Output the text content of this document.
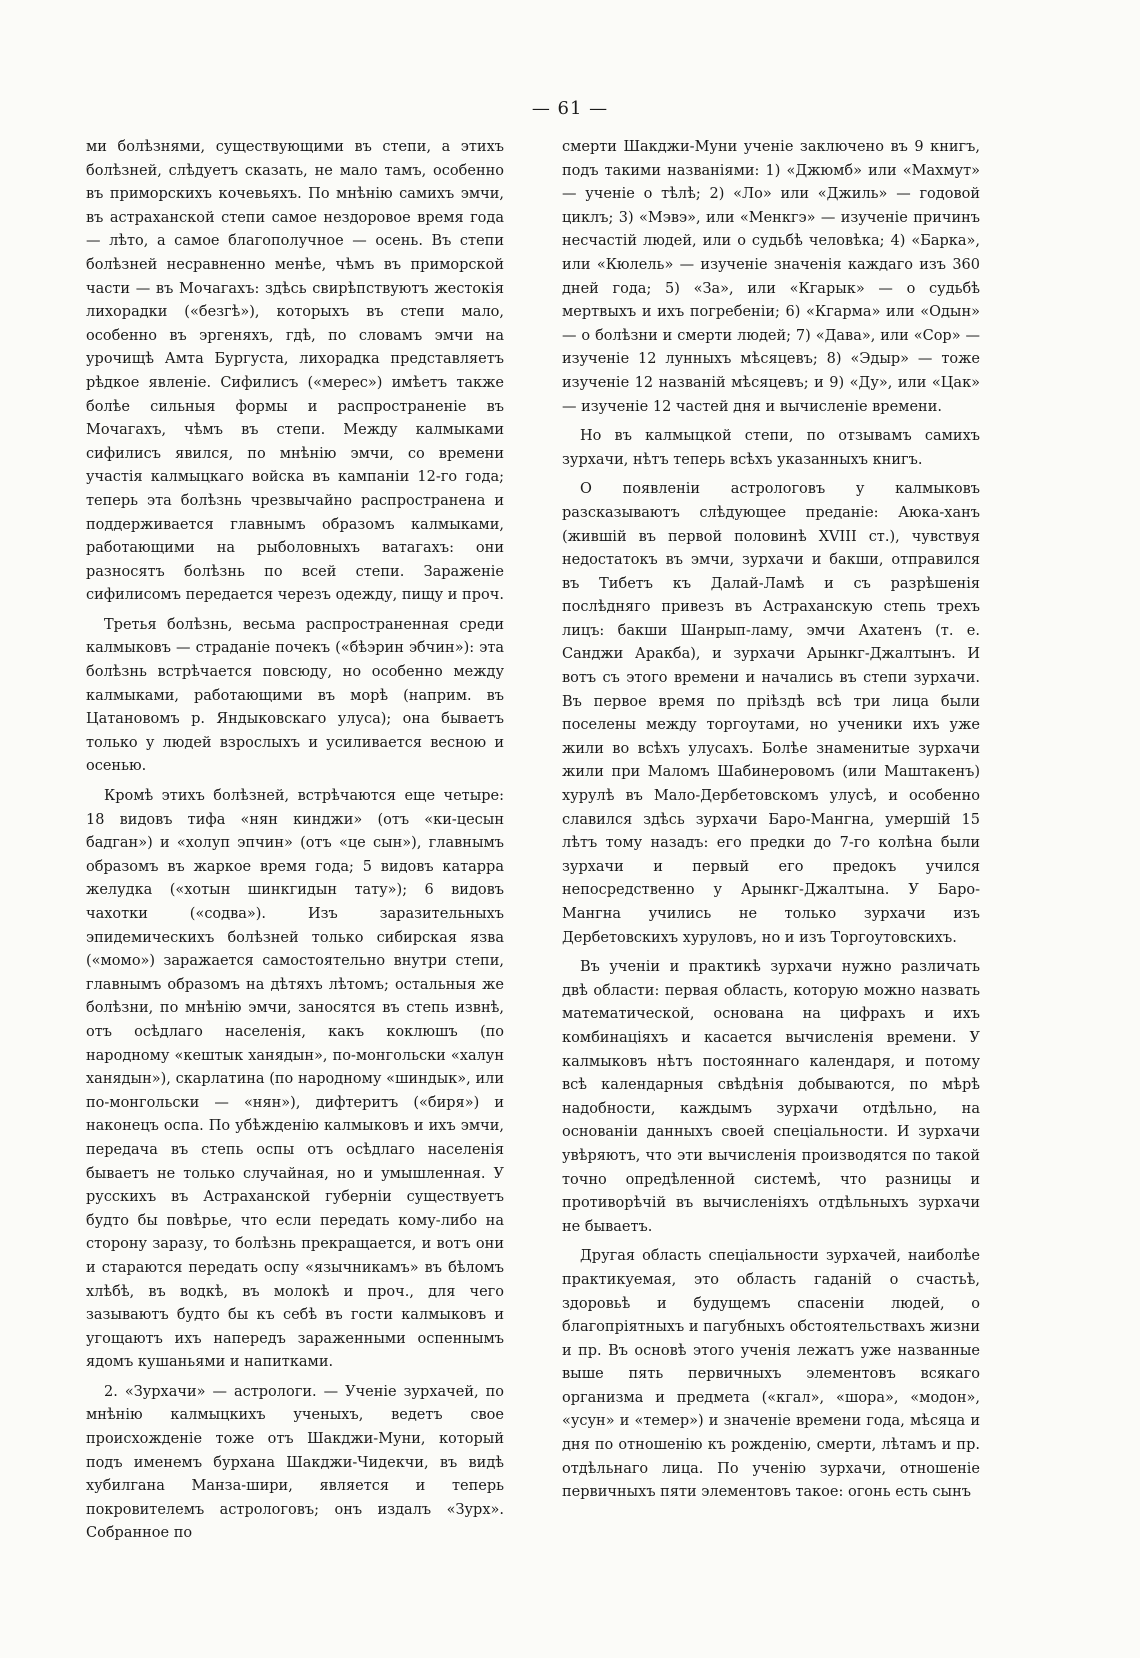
— 61 —

ми болѣзнями, существующими въ степи, а этихъ болѣзней, слѣдуетъ сказать, не мало тамъ, особенно въ приморскихъ кочевьяхъ. По мнѣнію самихъ эмчи, въ астраханской степи самое нездоровое время года — лѣто, а самое благополучное — осень. Въ степи болѣзней несравненно менѣе, чѣмъ въ приморской части — въ Мочагахъ: здѣсь свирѣпствуютъ жестокія лихорадки («безгѣ»), которыхъ въ степи мало, особенно въ эргеняхъ, гдѣ, по словамъ эмчи на урочищѣ Амта Бургуста, лихорадка представляетъ рѣдкое явленіе. Сифилисъ («мерес») имѣетъ также болѣе сильныя формы и распространеніе въ Мочагахъ, чѣмъ въ степи. Между калмыками сифилисъ явился, по мнѣнію эмчи, со времени участія калмыцкаго войска въ кампаніи 12-го года; теперь эта болѣзнь чрезвычайно распространена и поддерживается главнымъ образомъ калмыками, работающими на рыболовныхъ ватагахъ: они разносятъ болѣзнь по всей степи. Зараженіе сифилисомъ передается черезъ одежду, пищу и проч.

Третья болѣзнь, весьма распространенная среди калмыковъ — страданіе почекъ («бѣэрин эбчин»): эта болѣзнь встрѣчается повсюду, но особенно между калмыками, работающими въ морѣ (наприм. въ Цатановомъ р. Яндыковскаго улуса); она бываетъ только у людей взрослыхъ и усиливается весною и осенью.

Кромѣ этихъ болѣзней, встрѣчаются еще четыре: 18 видовъ тифа «нян кинджи» (отъ «ки-цесын бадган») и «холуп эпчин» (отъ «це сын»), главнымъ образомъ въ жаркое время года; 5 видовъ катарра желудка («хотын шинкгидын тату»); 6 видовъ чахотки («содва»). Изъ заразительныхъ эпидемическихъ болѣзней только сибирская язва («момо») заражается самостоятельно внутри степи, главнымъ образомъ на дѣтяхъ лѣтомъ; остальныя же болѣзни, по мнѣнію эмчи, заносятся въ степь извнѣ, отъ осѣдлаго населенія, какъ коклюшъ (по народному «кештык ханядын», по-монгольски «халун ханядын»), скарлатина (по народному «шиндык», или по-монгольски — «нян»), дифтеритъ («биря») и наконецъ оспа. По убѣжденію калмыковъ и ихъ эмчи, передача въ степь оспы отъ осѣдлаго населенія бываетъ не только случайная, но и умышленная. У русскихъ въ Астраханской губерніи существуетъ будто бы повѣрье, что если передать кому-либо на сторону заразу, то болѣзнь прекращается, и вотъ они и стараются передать оспу «язычникамъ» въ бѣломъ хлѣбѣ, въ водкѣ, въ молокѣ и проч., для чего зазываютъ будто бы къ себѣ въ гости калмыковъ и угощаютъ ихъ напередъ зараженными оспеннымъ ядомъ кушаньями и напитками.

2. «Зурхачи» — астрологи. — Ученіе зурхачей, по мнѣнію калмыцкихъ ученыхъ, ведетъ свое происхожденіе тоже отъ Шакджи-Муни, который подъ именемъ бурхана Шакджи-Чидекчи, въ видѣ хубилгана Манза-шири, является и теперь покровителемъ астрологовъ; онъ издалъ «Зурх». Собранное по

смерти Шакджи-Муни ученіе заключено въ 9 книгъ, подъ такими названіями: 1) «Джюмб» или «Махмут» — ученіе о тѣлѣ; 2) «Ло» или «Джиль» — годовой циклъ; 3) «Мэвэ», или «Менкгэ» — изученіе причинъ несчастій людей, или о судьбѣ человѣка; 4) «Барка», или «Кюлель» — изученіе значенія каждаго изъ 360 дней года; 5) «За», или «Кгарык» — о судьбѣ мертвыхъ и ихъ погребеніи; 6) «Кгарма» или «Одын» — о болѣзни и смерти людей; 7) «Дава», или «Сор» — изученіе 12 лунныхъ мѣсяцевъ; 8) «Эдыр» — тоже изученіе 12 названій мѣсяцевъ; и 9) «Ду», или «Цак» — изученіе 12 частей дня и вычисленіе времени.

Но въ калмыцкой степи, по отзывамъ самихъ зурхачи, нѣтъ теперь всѣхъ указанныхъ книгъ.

О появленіи астрологовъ у калмыковъ разсказываютъ слѣдующее преданіе: Аюка-ханъ (жившій въ первой половинѣ XVIII ст.), чувствуя недостатокъ въ эмчи, зурхачи и бакши, отправился въ Тибетъ къ Далай-Ламѣ и съ разрѣшенія послѣдняго привезъ въ Астраханскую степь трехъ лицъ: бакши Шанрып-ламу, эмчи Ахатенъ (т. е. Санджи Аракба), и зурхачи Арынкг-Джалтынъ. И вотъ съ этого времени и начались въ степи зурхачи. Въ первое время по пріѣздѣ всѣ три лица были поселены между торгоутами, но ученики ихъ уже жили во всѣхъ улусахъ. Болѣе знаменитые зурхачи жили при Маломъ Шабинеровомъ (или Маштакенъ) хурулѣ въ Мало-Дербетовскомъ улусѣ, и особенно славился здѣсь зурхачи Баро-Мангна, умершій 15 лѣтъ тому назадъ: его предки до 7-го колѣна были зурхачи и первый его предокъ учился непосредственно у Арынкг-Джалтына. У Баро-Мангна учились не только зурхачи изъ Дербетовскихъ хуруловъ, но и изъ Торгоутовскихъ.

Въ ученіи и практикѣ зурхачи нужно различать двѣ области: первая область, которую можно назвать математической, основана на цифрахъ и ихъ комбинаціяхъ и касается вычисленія времени. У калмыковъ нѣтъ постояннаго календаря, и потому всѣ календарныя свѣдѣнія добываются, по мѣрѣ надобности, каждымъ зурхачи отдѣльно, на основаніи данныхъ своей спеціальности. И зурхачи увѣряютъ, что эти вычисленія производятся по такой точно опредѣленной системѣ, что разницы и противорѣчій въ вычисленіяхъ отдѣльныхъ зурхачи не бываетъ.

Другая область спеціальности зурхачей, наиболѣе практикуемая, это область гаданій о счастьѣ, здоровьѣ и будущемъ спасеніи людей, о благопріятныхъ и пагубныхъ обстоятельствахъ жизни и пр. Въ основѣ этого ученія лежатъ уже названные выше пять первичныхъ элементовъ всякаго организма и предмета («кгал», «шора», «модон», «усун» и «темер») и значеніе времени года, мѣсяца и дня по отношенію къ рожденію, смерти, лѣтамъ и пр. отдѣльнаго лица. По ученію зурхачи, отношеніе первичныхъ пяти элементовъ такое: огонь есть сынъ
